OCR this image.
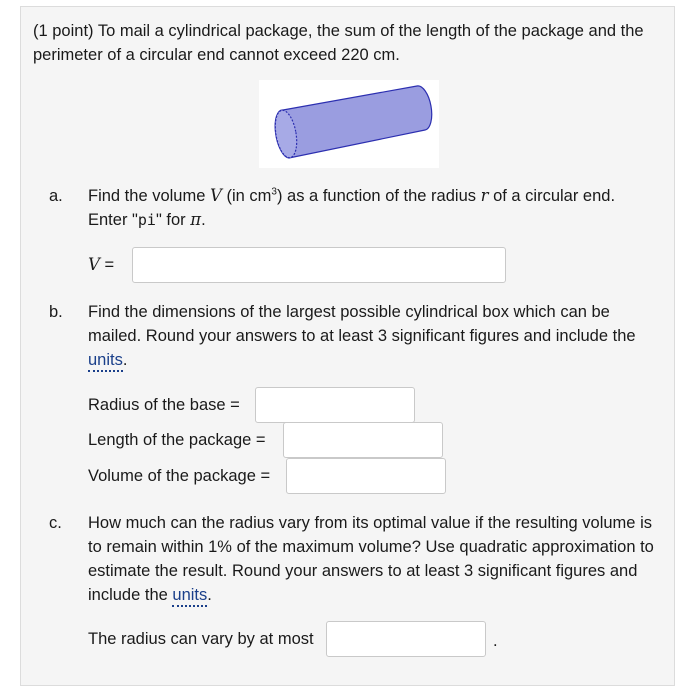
(1 point) To mail a cylindrical package, the sum of the length of the package and the perimeter of a circular end cannot exceed 220 cm.
a. Find the volume V (in $cm^3$) as a function of the radius r of a circular end.
Enter "pi" for π.
V =
b. Find the dimensions of the largest possible cylindrical box which can be mailed. Round your answers to at least 3 significant figures and include the units.
Radius of the base =
Length of the package =
Volume of the package =
c. How much can the radius vary from its optimal value if the resulting volume is to remain within 1% of the maximum volume? Use quadratic approximation to estimate the result. Round your answers to at least 3 significant figures and include the units.
The radius can vary by at most	.
